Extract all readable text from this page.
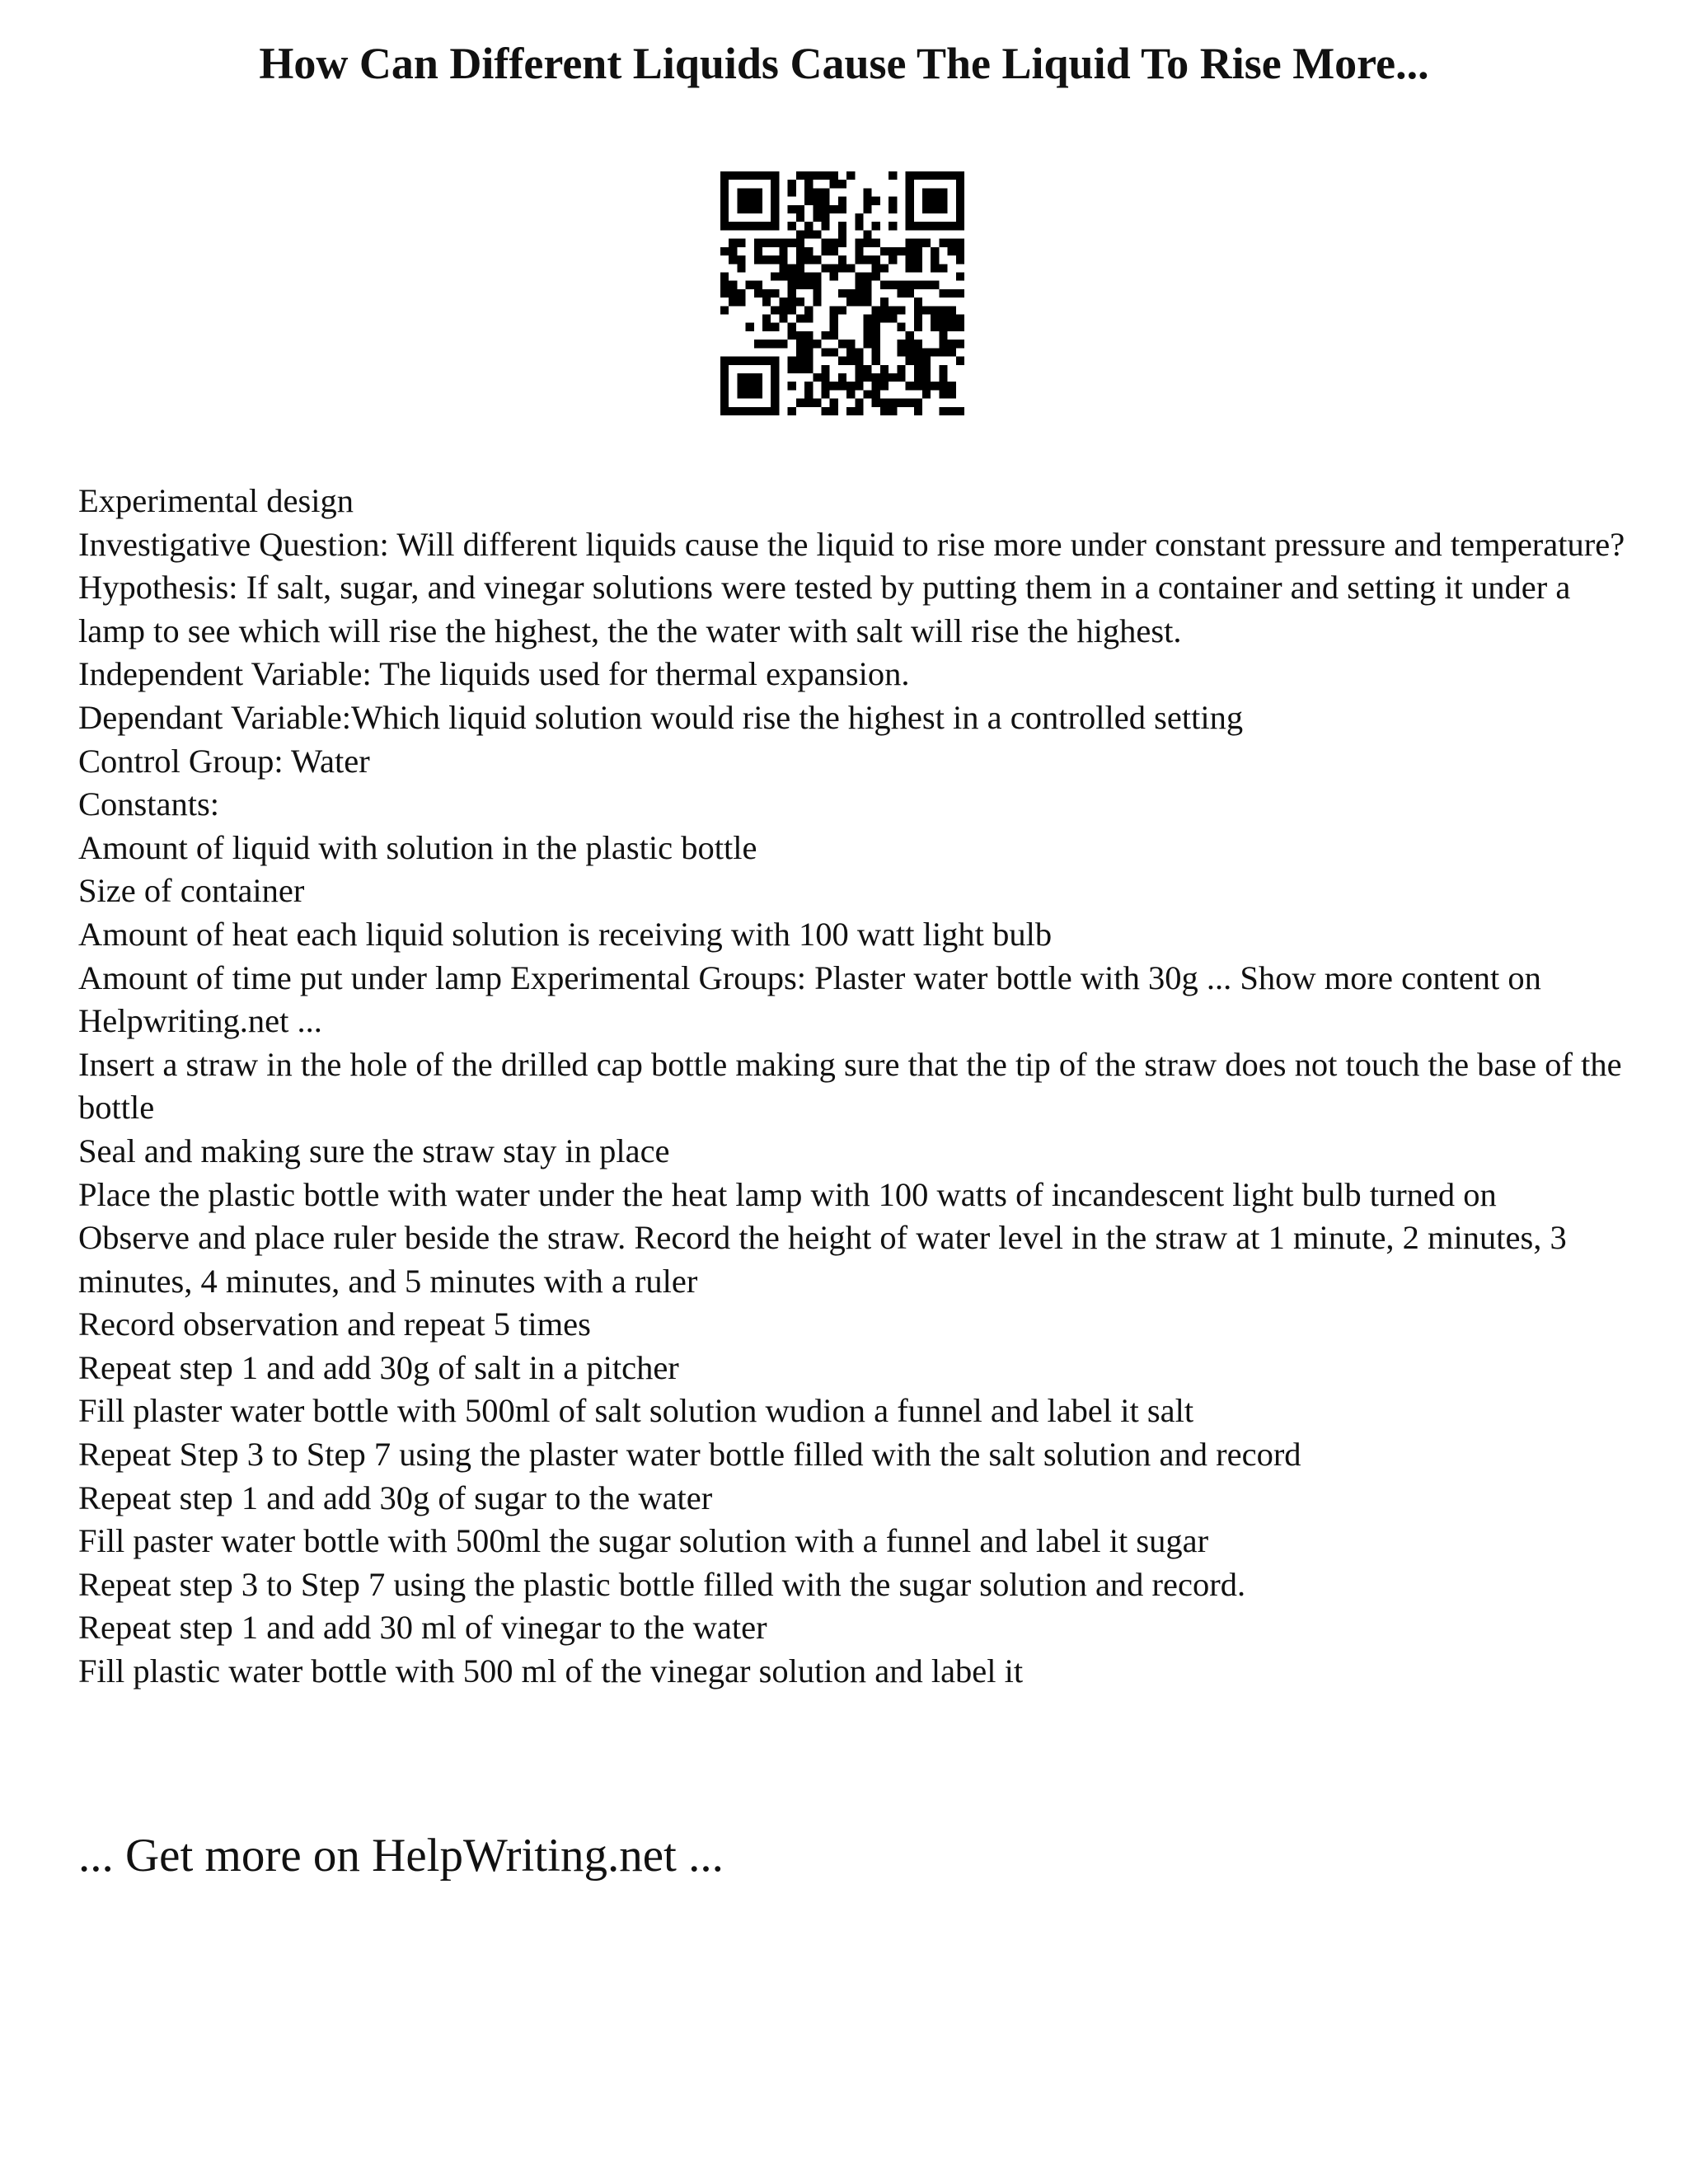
How Can Different Liquids Cause The Liquid To Rise More...
Experimental design
Investigative Question: Will different liquids cause the liquid to rise more under constant pressure and temperature?
Hypothesis: If salt, sugar, and vinegar solutions were tested by putting them in a container and setting it under a lamp to see which will rise the highest, the the water with salt will rise the highest.
Independent Variable: The liquids used for thermal expansion.
Dependant Variable:Which liquid solution would rise the highest in a controlled setting
Control Group: Water
Constants:
Amount of liquid with solution in the plastic bottle
Size of container
Amount of heat each liquid solution is receiving with 100 watt light bulb
Amount of time put under lamp Experimental Groups: Plaster water bottle with 30g ... Show more content on Helpwriting.net ...
Insert a straw in the hole of the drilled cap bottle making sure that the tip of the straw does not touch the base of the bottle
Seal and making sure the straw stay in place
Place the plastic bottle with water under the heat lamp with 100 watts of incandescent light bulb turned on
Observe and place ruler beside the straw. Record the height of water level in the straw at 1 minute, 2 minutes, 3 minutes, 4 minutes, and 5 minutes with a ruler
Record observation and repeat 5 times
Repeat step 1 and add 30g of salt in a pitcher
Fill plaster water bottle with 500ml of salt solution wudion a funnel and label it salt
Repeat Step 3 to Step 7 using the plaster water bottle filled with the salt solution and record
Repeat step 1 and add 30g of sugar to the water
Fill paster water bottle with 500ml the sugar solution with a funnel and label it sugar
Repeat step 3 to Step 7 using the plastic bottle filled with the sugar solution and record.
Repeat step 1 and add 30 ml of vinegar to the water
Fill plastic water bottle with 500 ml of the vinegar solution and label it
... Get more on HelpWriting.net ...
